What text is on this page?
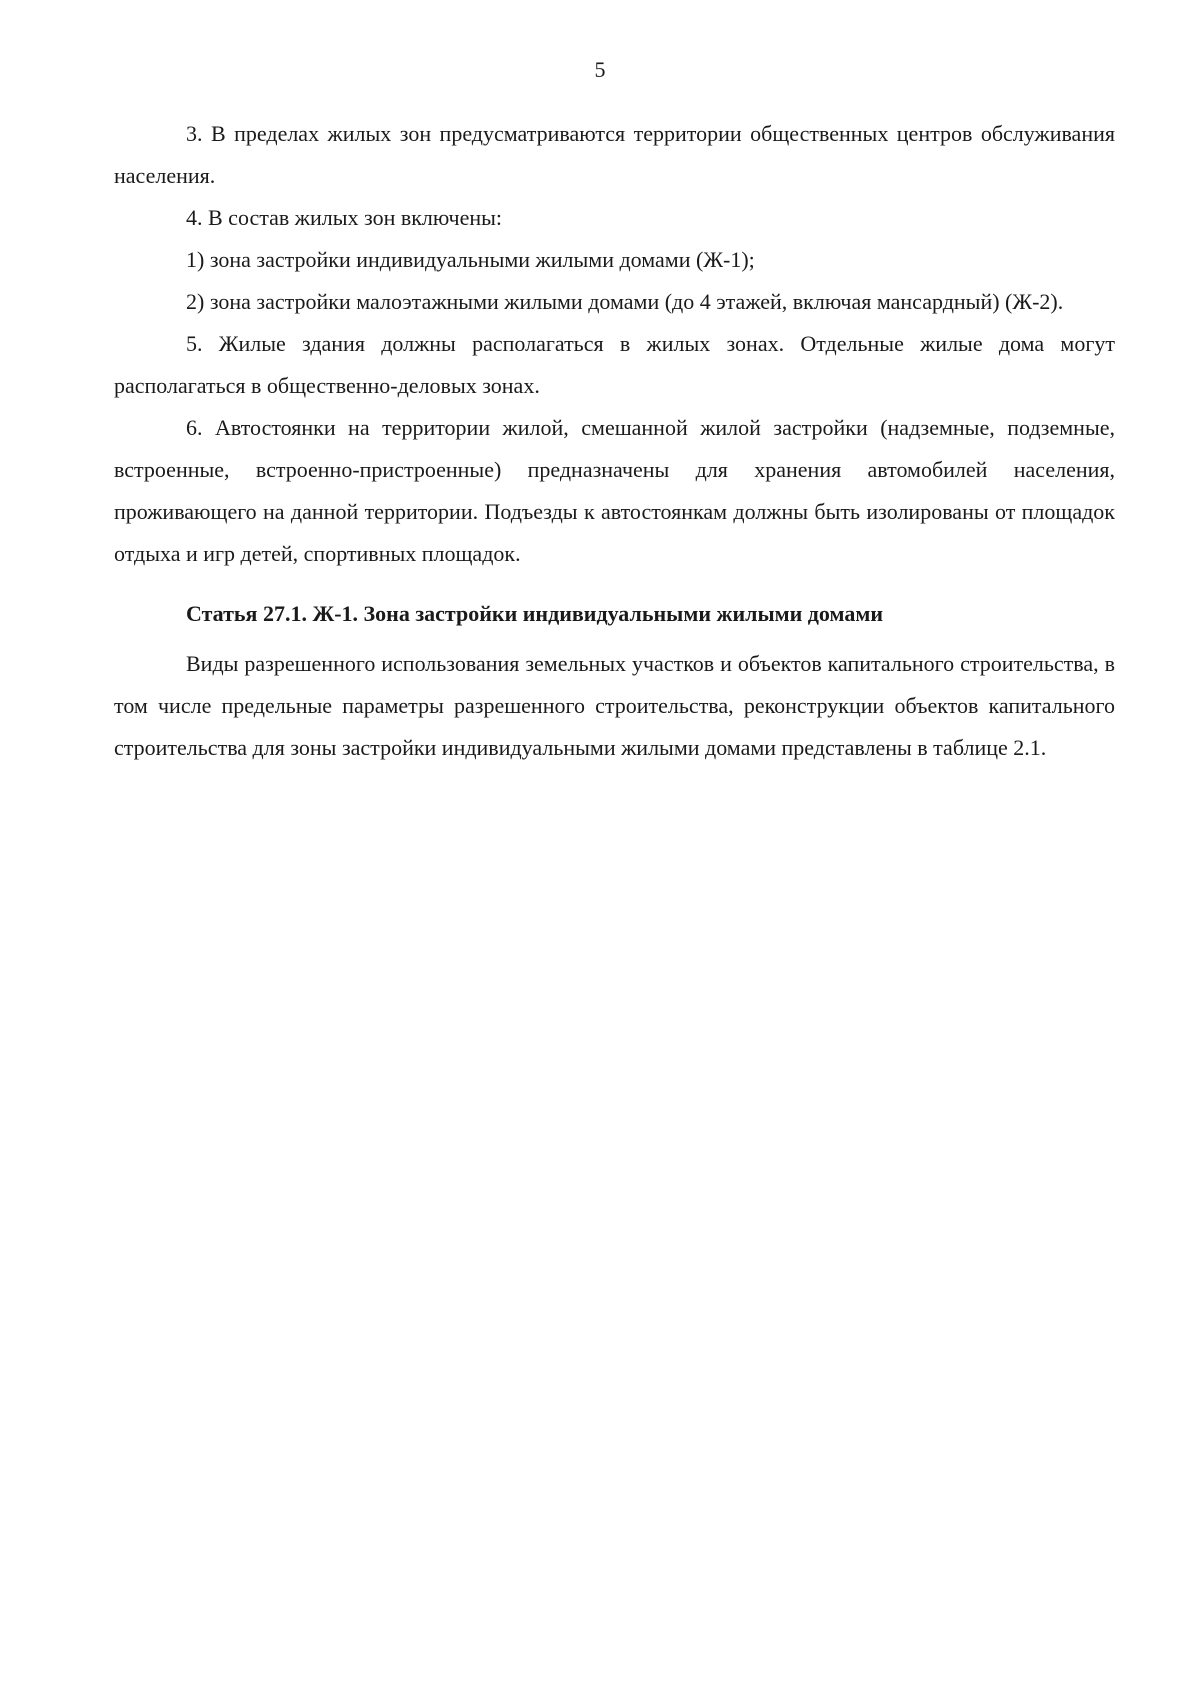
5

3. В пределах жилых зон предусматриваются территории общественных центров обслуживания населения.

4. В состав жилых зон включены:

1) зона застройки индивидуальными жилыми домами (Ж-1);

2) зона застройки малоэтажными жилыми домами (до 4 этажей, включая мансардный) (Ж-2).

5. Жилые здания должны располагаться в жилых зонах. Отдельные жилые дома могут располагаться в общественно-деловых зонах.

6. Автостоянки на территории жилой, смешанной жилой застройки (надземные, подземные, встроенные, встроенно-пристроенные) предназначены для хранения автомобилей населения, проживающего на данной территории. Подъезды к автостоянкам должны быть изолированы от площадок отдыха и игр детей, спортивных площадок.

Статья 27.1. Ж-1. Зона застройки индивидуальными жилыми домами

Виды разрешенного использования земельных участков и объектов капитального строительства, в том числе предельные параметры разрешенного строительства, реконструкции объектов капитального строительства для зоны застройки индивидуальными жилыми домами представлены в таблице 2.1.
